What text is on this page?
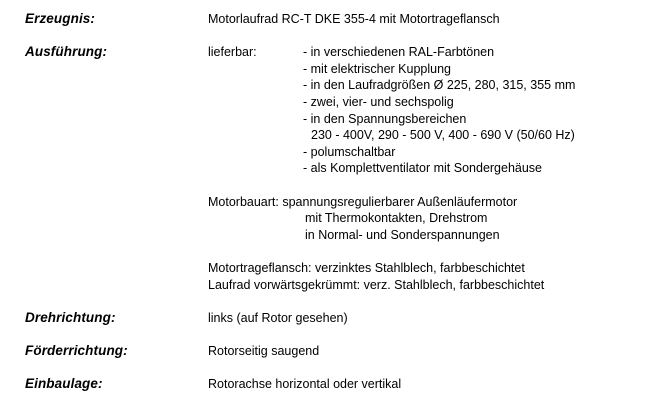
Erzeugnis:	Motorlaufrad RC-T DKE 355-4 mit Motortrageflansch
Ausführung:	lieferbar:	- in verschiedenen RAL-Farbtönen
- mit elektrischer Kupplung
- in den Laufradgrößen Ø 225, 280, 315, 355 mm
- zwei, vier- und sechspolig
- in den Spannungsbereichen
230 - 400V, 290 - 500 V, 400 - 690 V (50/60 Hz)
- polumschaltbar
- als Komplettventilator mit Sondergehäuse
Motorbauart: spannungsregulierbarer Außenläufermotor
mit Thermokontakten, Drehstrom
in Normal- und Sonderspannungen
Motortrageflansch: verzinktes Stahlblech, farbbeschichtet
Laufrad vorwärtsgekrümmt: verz. Stahlblech, farbbeschichtet
Drehrichtung:	links (auf Rotor gesehen)
Förderrichtung:	Rotorseitig saugend
Einbaulage:	Rotorachse horizontal oder vertikal
